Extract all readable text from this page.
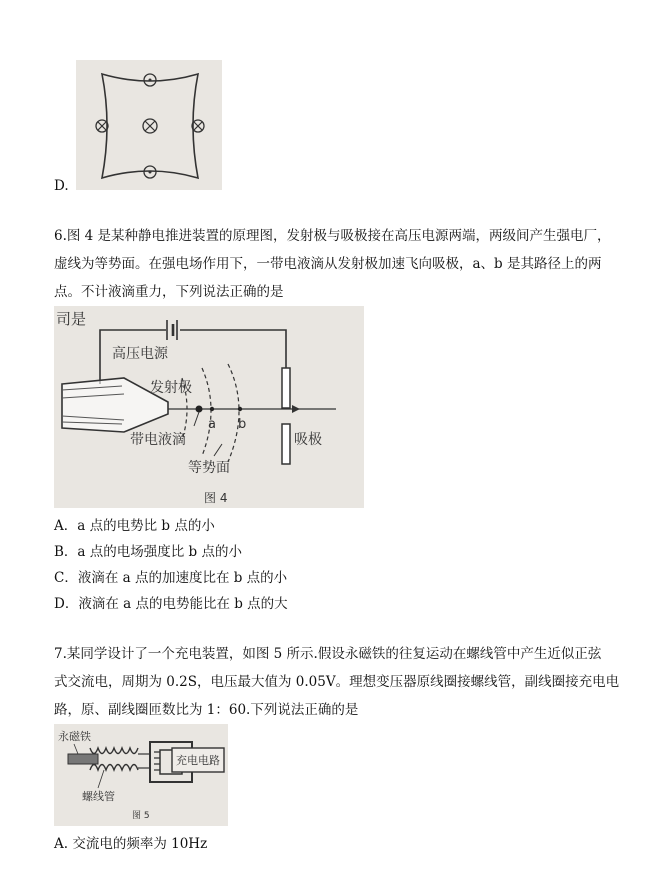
D.
6.图 4 是某种静电推进装置的原理图，发射极与吸极接在高压电源两端，两级间产生强电厂，
虚线为等势面。在强电场作用下，一带电液滴从发射极加速飞向吸极，a、b 是其路径上的两
点。不计液滴重力，下列说法正确的是
司是
高压电源
发射极
吸极
a b
带电液滴
等势面
图 4
A．a 点的电势比 b 点的小
B．a 点的电场强度比 b 点的小
C．液滴在 a 点的加速度比在 b 点的小
D．液滴在 a 点的电势能比在 b 点的大
7.某同学设计了一个充电装置，如图 5 所示.假设永磁铁的往复运动在螺线管中产生近似正弦
式交流电，周期为 0.2S，电压最大值为 0.05V。理想变压器原线圈接螺线管，副线圈接充电电
路，原、副线圈匝数比为 1：60.下列说法正确的是
永磁铁
螺线管
充电电路
图 5
A. 交流电的频率为 10Hz
